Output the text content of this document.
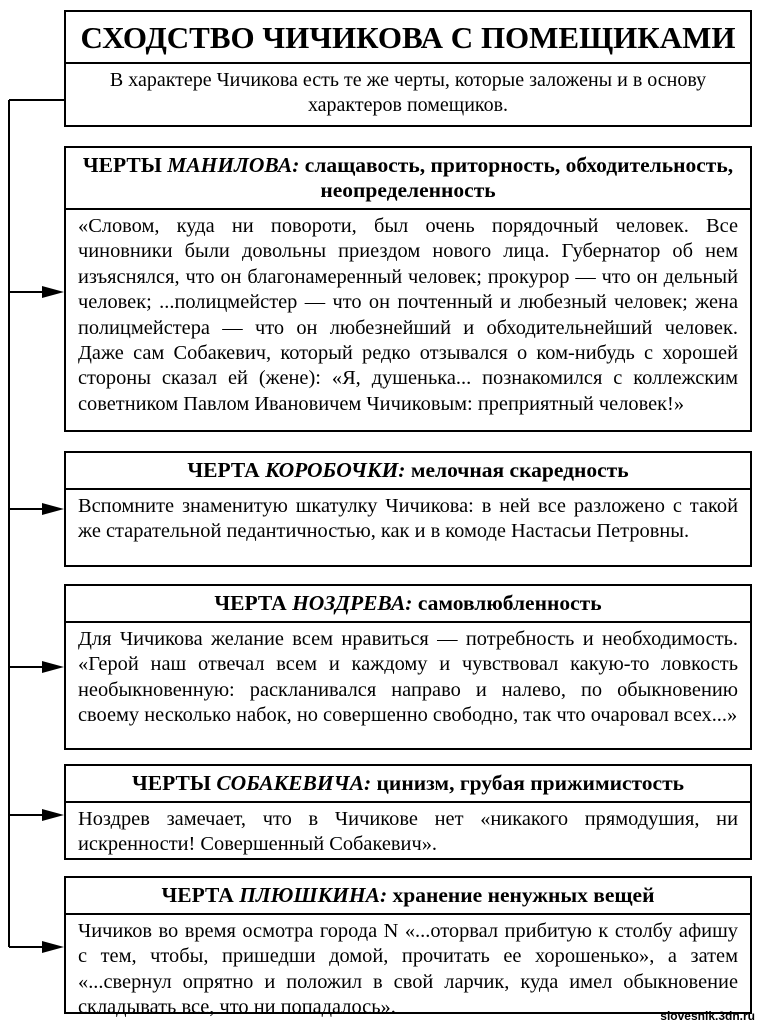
СХОДСТВО ЧИЧИКОВА С ПОМЕЩИКАМИ
В характере Чичикова есть те же черты, которые заложены и в основу характеров помещиков.
ЧЕРТЫ МАНИЛОВА: слащавость, приторность, обходительность, неопределенность
«Словом, куда ни повороти, был очень порядочный человек. Все чиновники были довольны приездом нового лица. Губернатор об нем изъяснялся, что он благонамеренный человек; прокурор — что он дельный человек; ...полицмейстер — что он почтенный и любезный человек; жена полицмейстера — что он любезнейший и обходительнейший человек. Даже сам Собакевич, который редко отзывался о ком-нибудь с хорошей стороны сказал ей (жене): «Я, душенька... познакомился с коллежским советником Павлом Ивановичем Чичиковым: преприятный человек!»
ЧЕРТА КОРОБОЧКИ: мелочная скаредность
Вспомните знаменитую шкатулку Чичикова: в ней все разложено с такой же старательной педантичностью, как и в комоде Настасьи Петровны.
ЧЕРТА НОЗДРЕВА: самовлюбленность
Для Чичикова желание всем нравиться — потребность и необходимость. «Герой наш отвечал всем и каждому и чувствовал какую-то ловкость необыкновенную: раскланивался направо и налево, по обыкновению своему несколько набок, но совершенно свободно, так что очаровал всех...»
ЧЕРТЫ СОБАКЕВИЧА: цинизм, грубая прижимистость
Ноздрев замечает, что в Чичикове нет «никакого прямодушия, ни искренности! Совершенный Собакевич».
ЧЕРТА ПЛЮШКИНА: хранение ненужных вещей
Чичиков во время осмотра города N «...оторвал прибитую к столбу афишу с тем, чтобы, пришедши домой, прочитать ее хорошенько», а затем «...свернул опрятно и положил в свой ларчик, куда имел обыкновение складывать все, что ни попадалось».	slovesnik.3dn.ru
